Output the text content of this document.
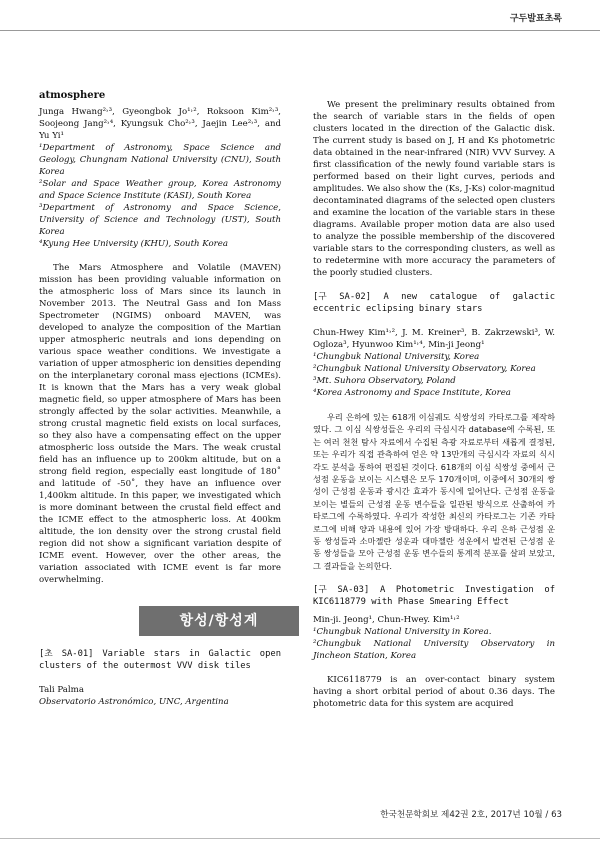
구두발표초록
atmosphere

Junga Hwang²˒³, Gyeongbok Jo¹˒², Roksoon Kim²˒³, Soojeong Jang²˒⁴, Kyungsuk Cho²˒³, Jaejin Lee²˒³, and Yu Yi¹

¹Department of Astronomy, Space Science and Geology, Chungnam National University (CNU), South Korea

²Solar and Space Weather group, Korea Astronomy and Space Science Institute (KASI), South Korea

³Department of Astronomy and Space Science, University of Science and Technology (UST), South Korea

⁴Kyung Hee University (KHU), South Korea

The Mars Atmosphere and Volatile (MAVEN) mission has been providing valuable information on the atmospheric loss of Mars since its launch in November 2013. The Neutral Gass and Ion Mass Spectrometer (NGIMS) onboard MAVEN, was developed to analyze the composition of the Martian upper atmospheric neutrals and ions depending on various space weather conditions. We investigate a variation of upper atmospheric ion densities depending on the interplanetary coronal mass ejections (ICMEs). It is known that the Mars has a very weak global magnetic field, so upper atmosphere of Mars has been strongly affected by the solar activities. Meanwhile, a strong crustal magnetic field exists on local surfaces, so they also have a compensating effect on the upper atmospheric loss outside the Mars. The weak crustal field has an influence up to 200km altitude, but on a strong field region, especially east longitude of 180˚ and latitude of -50˚, they have an influence over 1,400km altitude. In this paper, we investigated which is more dominant between the crustal field effect and the ICME effect to the atmospheric loss. At 400km altitude, the ion density over the strong crustal field region did not show a significant variation despite of ICME event. However, over the other areas, the variation associated with ICME event is far more overwhelming.

항성/항성계

[초 SA-01] Variable stars in Galactic open clusters of the outermost VVV disk tiles

Tali Palma

Observatorio Astronómico, UNC, Argentina

We present the preliminary results obtained from the search of variable stars in the fields of open clusters located in the direction of the Galactic disk. The current study is based on J, H and Ks photometric data obtained in the near-infrared (NIR) VVV Survey. A first classification of the newly found variable stars is performed based on their light curves, periods and amplitudes. We also show the (Ks, J-Ks) color-magnitud decontaminated diagrams of the selected open clusters and examine the location of the variable stars in these diagrams. Available proper motion data are also used to analyze the possible membership of the discovered variable stars to the corresponding clusters, as well as to redetermine with more accuracy the parameters of the poorly studied clusters.

[구 SA-02] A new catalogue of galactic eccentric eclipsing binary stars

Chun-Hwey Kim¹˒², J. M. Kreiner³, B. Zakrzewski³, W. Ogloza³, Hyunwoo Kim¹˒⁴, Min-ji Jeong¹

¹Chungbuk National University, Korea

²Chungbuk National University Observatory, Korea

³Mt. Suhora Observatory, Poland

⁴Korea Astronomy and Space Institute, Korea

우리 은하에 있는 618개 이심궤도 식쌍성의 카타로그를 제작하였다. 그 이심 식쌍성들은 우리의 극심시각 database에 수록된, 또는 여러 천천 탐사 자료에서 수집된 측광 자료로부터 새롭게 결정된, 또는 우리가 직접 관측하여 얻은 약 13만개의 극심시각 자료의 식시각도 분석을 통하여 편집된 것이다. 618개의 이심 식쌍성 중에서 근성점 운동을 보이는 시스템은 모두 170개이며, 이중에서 30개의 쌍성이 근성점 운동과 광시간 효과가 동시에 일어난다. 근성점 운동을 보이는 별들의 근성점 운동 변수들을 일관된 방식으로 산출하여 카타로그에 수록하였다. 우리가 작성한 최신의 카타로그는 기존 카타로그에 비해 양과 내용에 있어 가장 방대하다. 우리 은하 근성점 운동 쌍성들과 소마젤란 성운과 대마젤란 성운에서 발견된 근성점 운동 쌍성들을 모아 근성점 운동 변수들의 통계적 분포를 살펴 보았고, 그 결과들을 논의한다.

[구 SA-03] A Photometric Investigation of KIC6118779 with Phase Smearing Effect

Min-ji. Jeong¹, Chun-Hwey. Kim¹˒²

¹Chungbuk National University in Korea.

²Chungbuk National University Observatory in Jincheon Station, Korea

KIC6118779 is an over-contact binary system having a short orbital period of about 0.36 days. The photometric data for this system are acquired

한국천문학회보 제42권 2호, 2017년 10월 / 63
